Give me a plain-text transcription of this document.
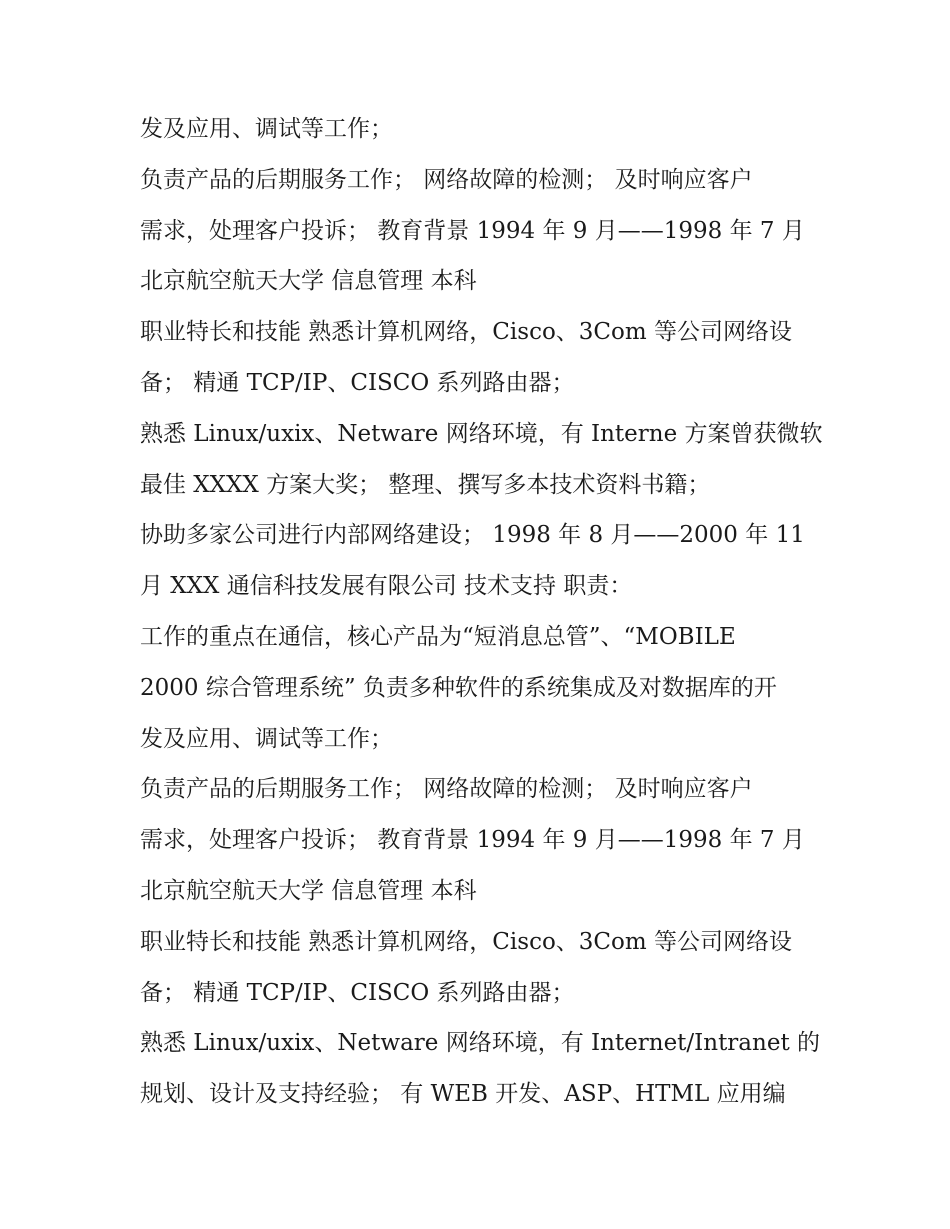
发及应用、调试等工作；
负责产品的后期服务工作； 网络故障的检测； 及时响应客户
需求，处理客户投诉； 教育背景 1994 年 9 月——1998 年 7 月
北京航空航天大学 信息管理 本科
职业特长和技能 熟悉计算机网络，Cisco、3Com 等公司网络设
备； 精通 TCP/IP、CISCO 系列路由器；
熟悉 Linux/uxix、Netware 网络环境，有 Interne 方案曾获微软
最佳 XXXX 方案大奖； 整理、撰写多本技术资料书籍；
协助多家公司进行内部网络建设； 1998 年 8 月——2000 年 11
月 XXX 通信科技发展有限公司 技术支持 职责：
工作的重点在通信，核心产品为“短消息总管”、“MOBILE
2000 综合管理系统” 负责多种软件的系统集成及对数据库的开
发及应用、调试等工作；
负责产品的后期服务工作； 网络故障的检测； 及时响应客户
需求，处理客户投诉； 教育背景 1994 年 9 月——1998 年 7 月
北京航空航天大学 信息管理 本科
职业特长和技能 熟悉计算机网络，Cisco、3Com 等公司网络设
备； 精通 TCP/IP、CISCO 系列路由器；
熟悉 Linux/uxix、Netware 网络环境，有 Internet/Intranet 的
规划、设计及支持经验； 有 WEB 开发、ASP、HTML 应用编
